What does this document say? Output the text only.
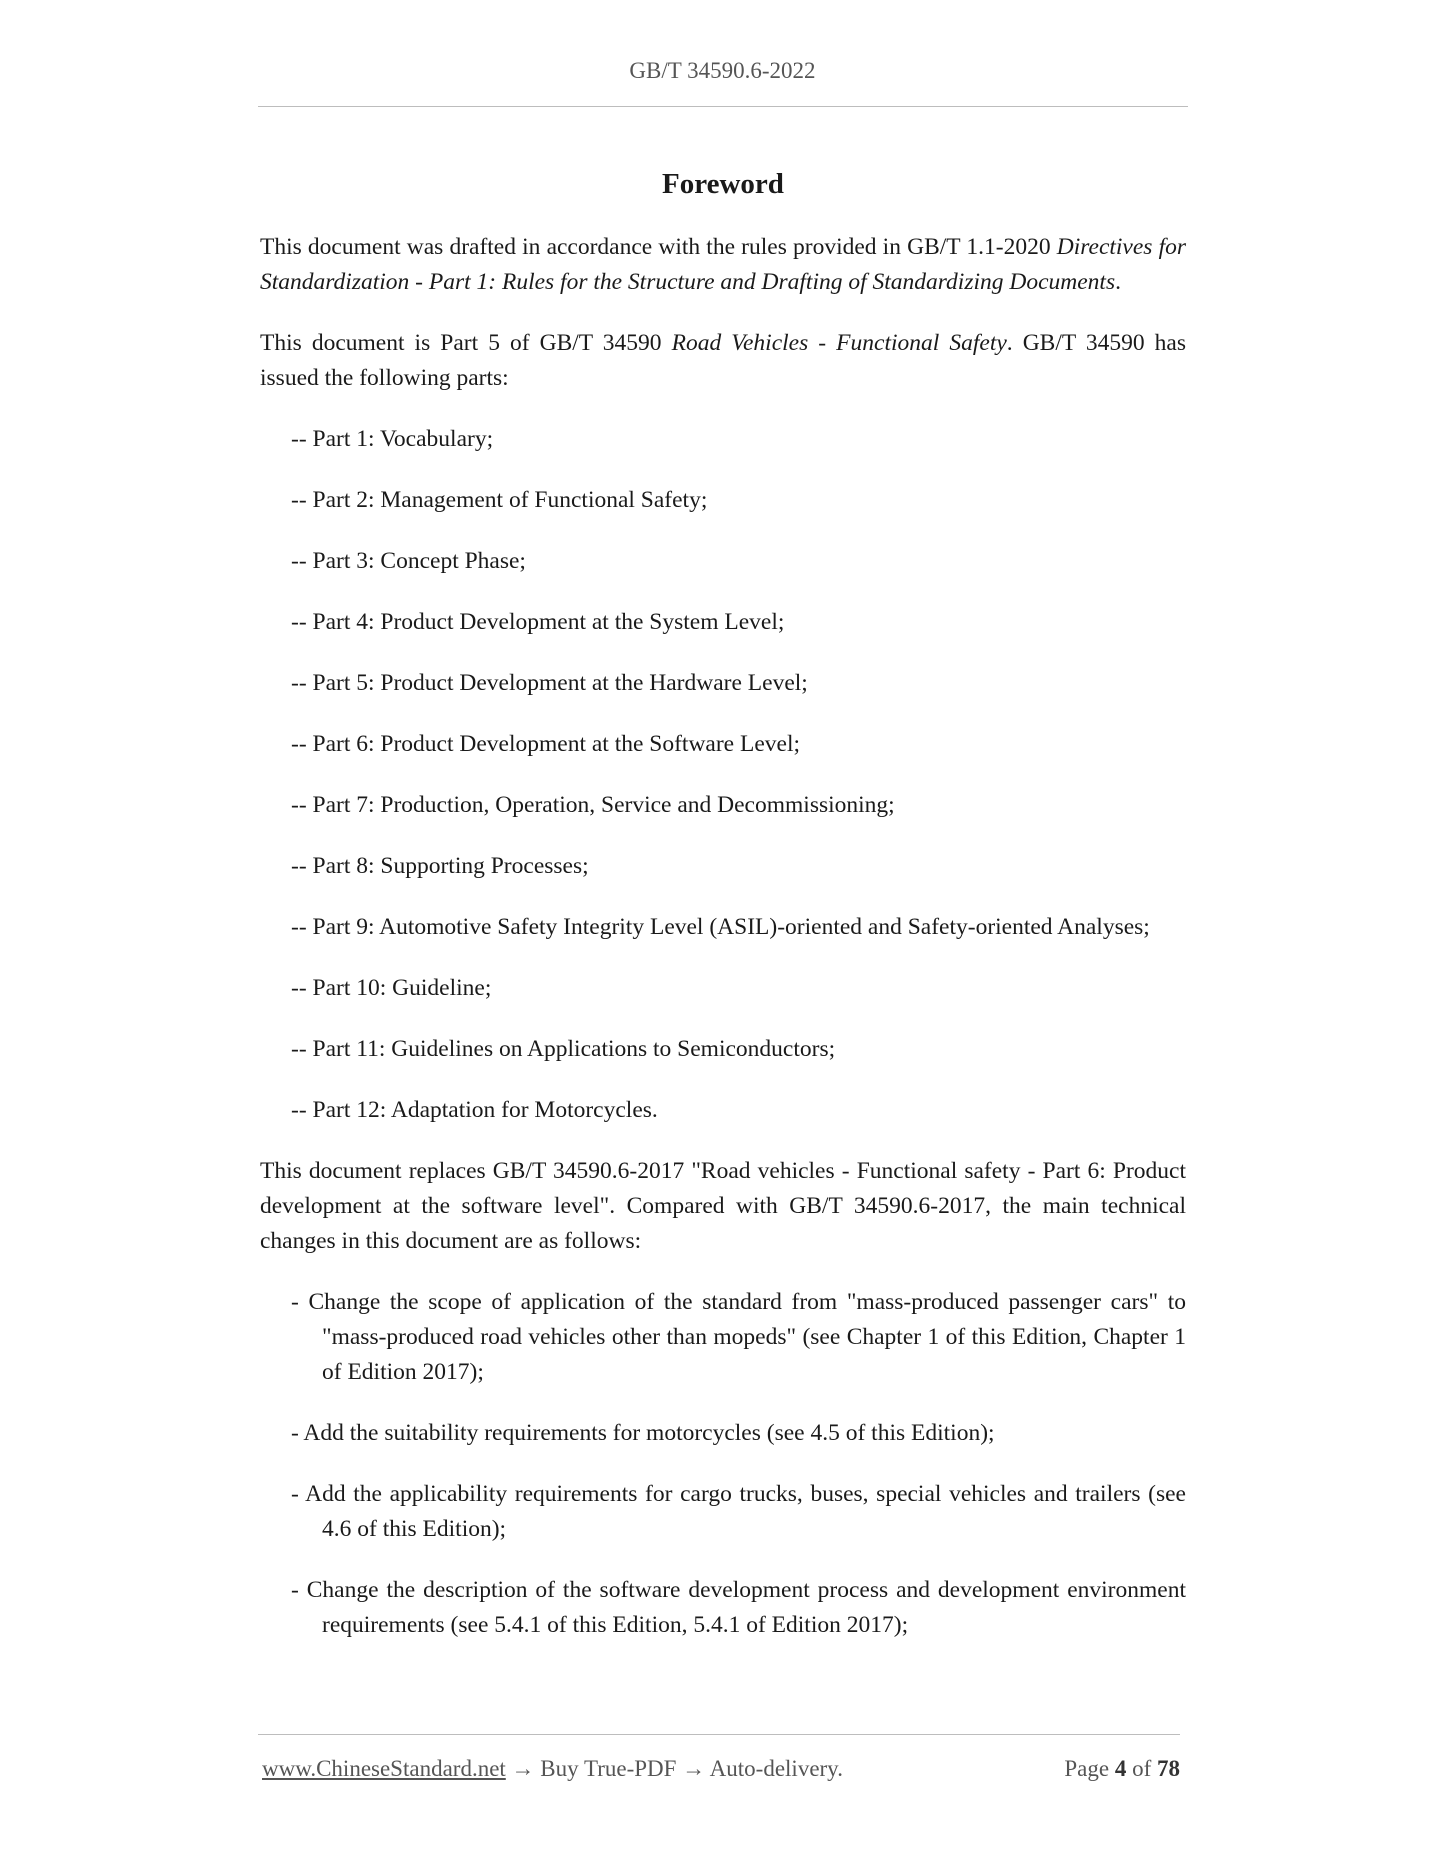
GB/T 34590.6-2022
Foreword

This document was drafted in accordance with the rules provided in GB/T 1.1-2020 Directives for Standardization - Part 1: Rules for the Structure and Drafting of Standardizing Documents.

This document is Part 5 of GB/T 34590 Road Vehicles - Functional Safety. GB/T 34590 has issued the following parts:

-- Part 1: Vocabulary;

-- Part 2: Management of Functional Safety;

-- Part 3: Concept Phase;

-- Part 4: Product Development at the System Level;

-- Part 5: Product Development at the Hardware Level;

-- Part 6: Product Development at the Software Level;

-- Part 7: Production, Operation, Service and Decommissioning;

-- Part 8: Supporting Processes;

-- Part 9: Automotive Safety Integrity Level (ASIL)-oriented and Safety-oriented Analyses;

-- Part 10: Guideline;

-- Part 11: Guidelines on Applications to Semiconductors;

-- Part 12: Adaptation for Motorcycles.

This document replaces GB/T 34590.6-2017 "Road vehicles - Functional safety - Part 6: Product development at the software level". Compared with GB/T 34590.6-2017, the main technical changes in this document are as follows:

- Change the scope of application of the standard from "mass-produced passenger cars" to "mass-produced road vehicles other than mopeds" (see Chapter 1 of this Edition, Chapter 1 of Edition 2017);

- Add the suitability requirements for motorcycles (see 4.5 of this Edition);

- Add the applicability requirements for cargo trucks, buses, special vehicles and trailers (see 4.6 of this Edition);

- Change the description of the software development process and development environment requirements (see 5.4.1 of this Edition, 5.4.1 of Edition 2017);

www.ChineseStandard.net → Buy True-PDF → Auto-delivery.	Page 4 of 78
